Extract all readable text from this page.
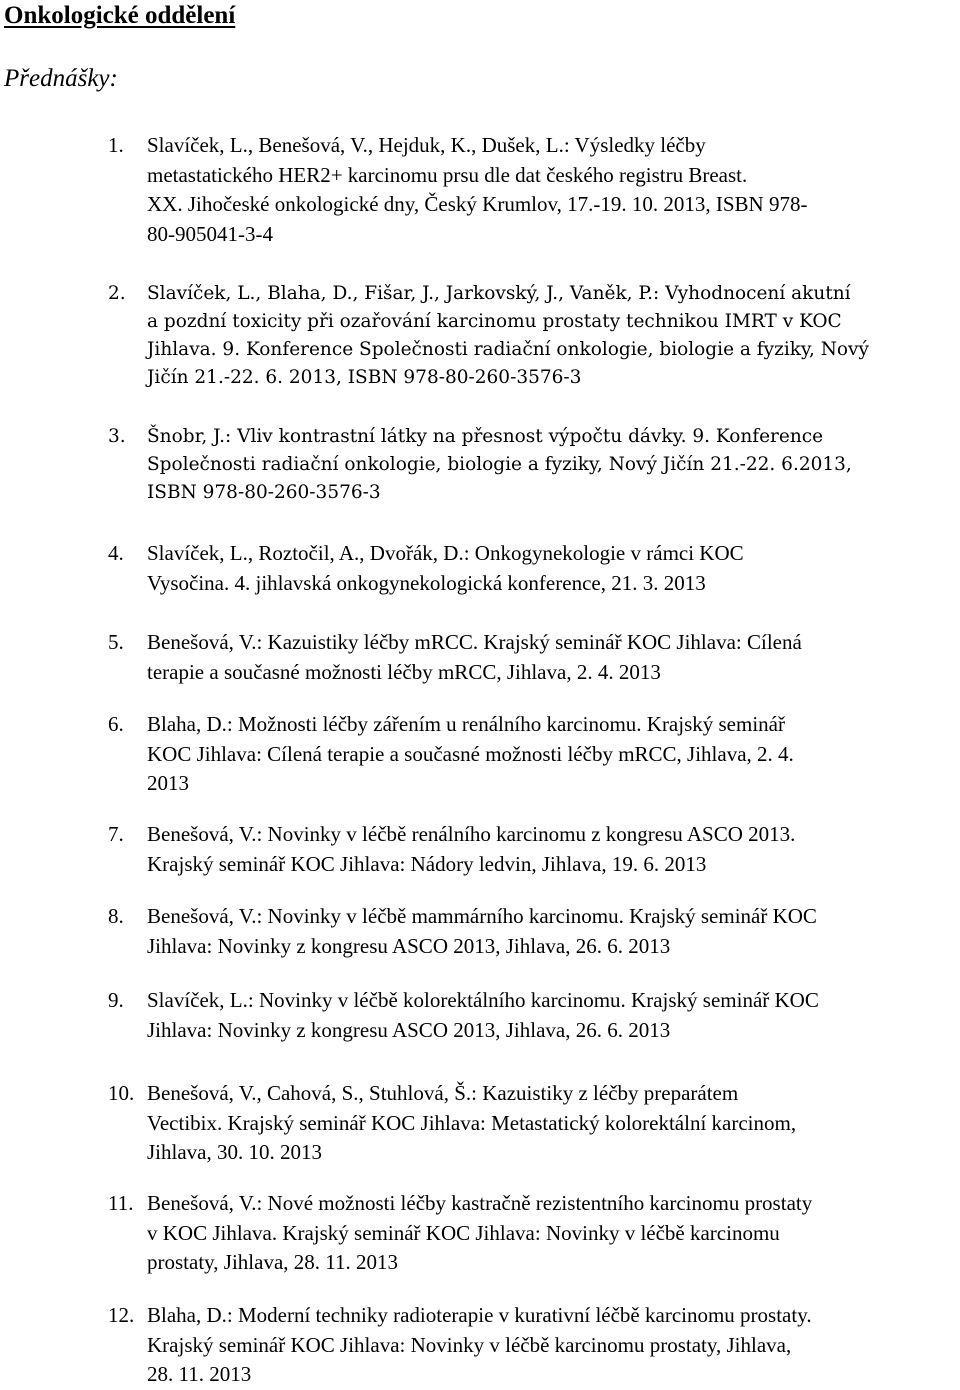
Onkologické oddělení
Přednášky:
1. Slavíček, L., Benešová, V., Hejduk, K., Dušek, L.: Výsledky léčby
metastatického HER2+ karcinomu prsu dle dat českého registru Breast.
XX. Jihočeské onkologické dny, Český Krumlov, 17.-19. 10. 2013, ISBN 978-
80-905041-3-4
2. Slavíček, L., Blaha, D., Fišar, J., Jarkovský, J., Vaněk, P.: Vyhodnocení akutní
a pozdní toxicity při ozařování karcinomu prostaty technikou IMRT v KOC
Jihlava. 9. Konference Společnosti radiační onkologie, biologie a fyziky, Nový
Jičín 21.-22. 6. 2013, ISBN 978-80-260-3576-3
3. Šnobr, J.: Vliv kontrastní látky na přesnost výpočtu dávky. 9. Konference
Společnosti radiační onkologie, biologie a fyziky, Nový Jičín 21.-22. 6.2013,
ISBN 978-80-260-3576-3
4. Slavíček, L., Roztočil, A., Dvořák, D.: Onkogynekologie v rámci KOC
Vysočina. 4. jihlavská onkogynekologická konference, 21. 3. 2013
5. Benešová, V.: Kazuistiky léčby mRCC. Krajský seminář KOC Jihlava: Cílená
terapie a současné možnosti léčby mRCC, Jihlava, 2. 4. 2013
6. Blaha, D.: Možnosti léčby zářením u renálního karcinomu. Krajský seminář
KOC Jihlava: Cílená terapie a současné možnosti léčby mRCC, Jihlava, 2. 4.
2013
7. Benešová, V.: Novinky v léčbě renálního karcinomu z kongresu ASCO 2013.
Krajský seminář KOC Jihlava: Nádory ledvin, Jihlava, 19. 6. 2013
8. Benešová, V.: Novinky v léčbě mammárního karcinomu. Krajský seminář KOC
Jihlava: Novinky z kongresu ASCO 2013, Jihlava, 26. 6. 2013
9. Slavíček, L.: Novinky v léčbě kolorektálního karcinomu. Krajský seminář KOC
Jihlava: Novinky z kongresu ASCO 2013, Jihlava, 26. 6. 2013
10. Benešová, V., Cahová, S., Stuhlová, Š.: Kazuistiky z léčby preparátem
Vectibix. Krajský seminář KOC Jihlava: Metastatický kolorektální karcinom,
Jihlava, 30. 10. 2013
11. Benešová, V.: Nové možnosti léčby kastračně rezistentního karcinomu prostaty
v KOC Jihlava. Krajský seminář KOC Jihlava: Novinky v léčbě karcinomu
prostaty, Jihlava, 28. 11. 2013
12. Blaha, D.: Moderní techniky radioterapie v kurativní léčbě karcinomu prostaty.
Krajský seminář KOC Jihlava: Novinky v léčbě karcinomu prostaty, Jihlava,
28. 11. 2013
